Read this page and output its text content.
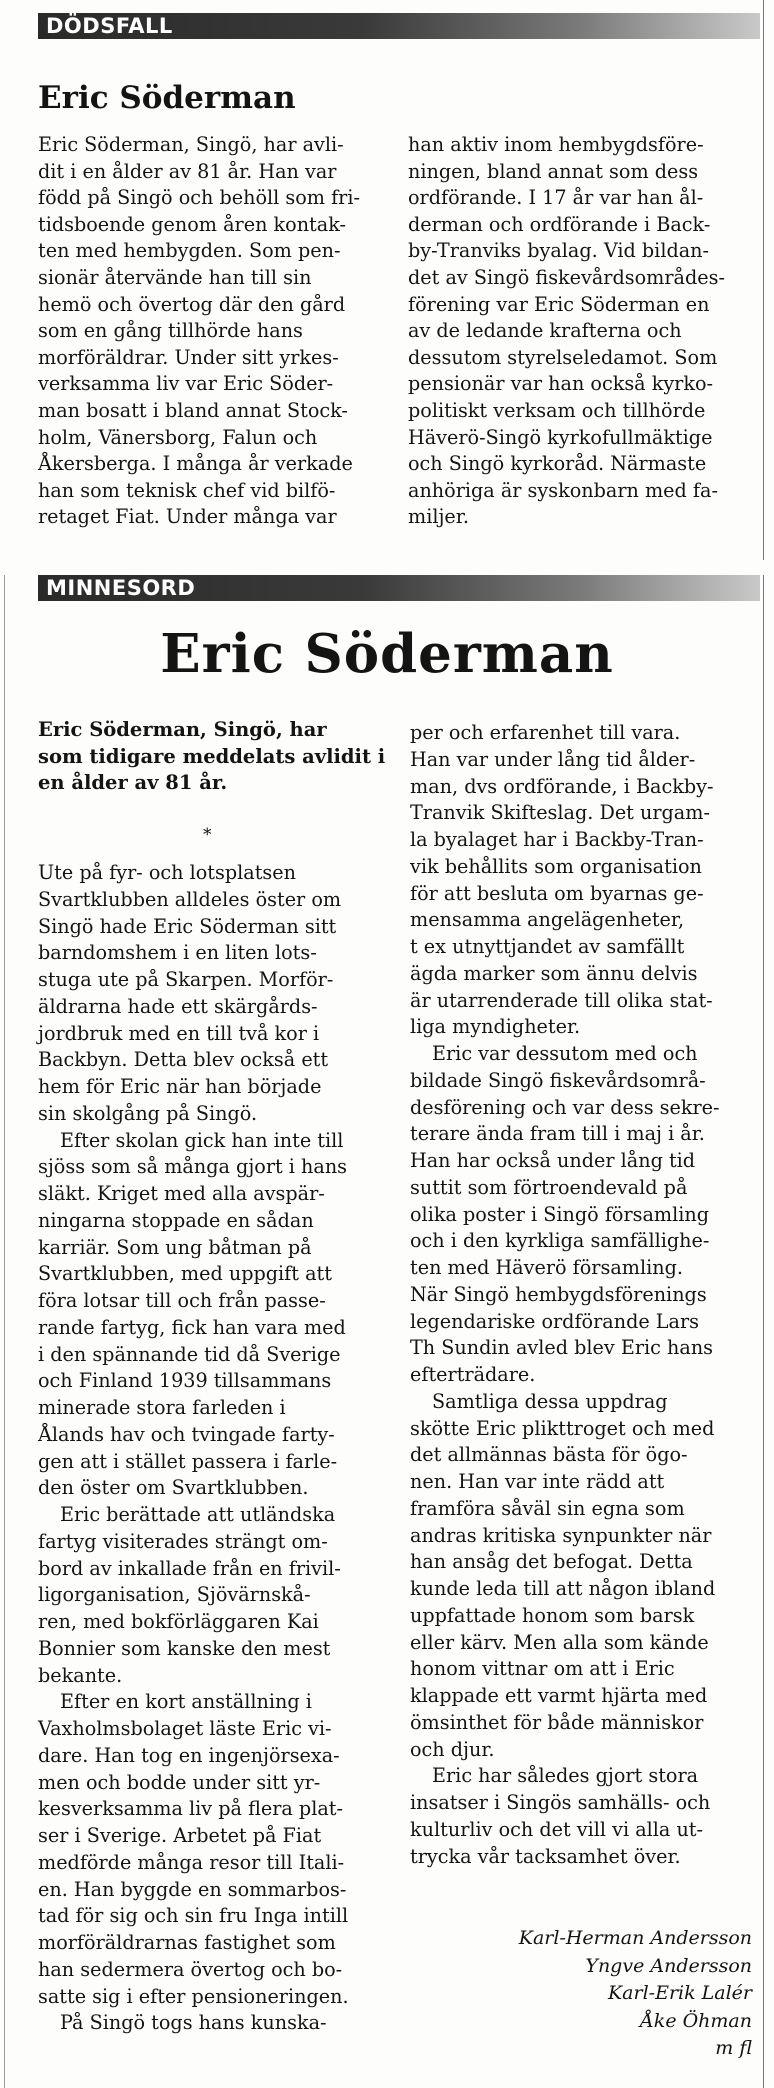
DÖDSFALL
Eric Söderman
Eric Söderman, Singö, har avli-
dit i en ålder av 81 år. Han var
född på Singö och behöll som fri-
tidsboende genom åren kontak-
ten med hembygden. Som pen-
sionär återvände han till sin
hemö och övertog där den gård
som en gång tillhörde hans
morföräldrar. Under sitt yrkes-
verksamma liv var Eric Söder-
man bosatt i bland annat Stock-
holm, Vänersborg, Falun och
Åkersberga. I många år verkade
han som teknisk chef vid bilfö-
retaget Fiat. Under många var
han aktiv inom hembygdsföre-
ningen, bland annat som dess
ordförande. I 17 år var han ål-
derman och ordförande i Back-
by-Tranviks byalag. Vid bildan-
det av Singö fiskevårdsområdes-
förening var Eric Söderman en
av de ledande krafterna och
dessutom styrelseledamot. Som
pensionär var han också kyrko-
politiskt verksam och tillhörde
Häverö-Singö kyrkofullmäktige
och Singö kyrkoråd. Närmaste
anhöriga är syskonbarn med fa-
miljer.
MINNESORD
Eric Söderman
Eric Söderman, Singö, har
som tidigare meddelats avlidit i
en ålder av 81 år.
*
Ute på fyr- och lotsplatsen
Svartklubben alldeles öster om
Singö hade Eric Söderman sitt
barndomshem i en liten lots-
stuga ute på Skarpen. Morför-
äldrarna hade ett skärgårds-
jordbruk med en till två kor i
Backbyn. Detta blev också ett
hem för Eric när han började
sin skolgång på Singö.
Efter skolan gick han inte till
sjöss som så många gjort i hans
släkt. Kriget med alla avspär-
ningarna stoppade en sådan
karriär. Som ung båtman på
Svartklubben, med uppgift att
föra lotsar till och från passe-
rande fartyg, fick han vara med
i den spännande tid då Sverige
och Finland 1939 tillsammans
minerade stora farleden i
Ålands hav och tvingade farty-
gen att i stället passera i farle-
den öster om Svartklubben.
Eric berättade att utländska
fartyg visiterades strängt om-
bord av inkallade från en frivil-
ligorganisation, Sjövärnskå-
ren, med bokförläggaren Kai
Bonnier som kanske den mest
bekante.
Efter en kort anställning i
Vaxholmsbolaget läste Eric vi-
dare. Han tog en ingenjörsexa-
men och bodde under sitt yr-
kesverksamma liv på flera plat-
ser i Sverige. Arbetet på Fiat
medförde många resor till Itali-
en. Han byggde en sommarbos-
tad för sig och sin fru Inga intill
morföräldrarnas fastighet som
han sedermera övertog och bo-
satte sig i efter pensioneringen.
På Singö togs hans kunska-
per och erfarenhet till vara.
Han var under lång tid ålder-
man, dvs ordförande, i Backby-
Tranvik Skifteslag. Det urgam-
la byalaget har i Backby-Tran-
vik behållits som organisation
för att besluta om byarnas ge-
mensamma angelägenheter,
t ex utnyttjandet av samfällt
ägda marker som ännu delvis
är utarrenderade till olika stat-
liga myndigheter.
Eric var dessutom med och
bildade Singö fiskevårdsområ-
desförening och var dess sekre-
terare ända fram till i maj i år.
Han har också under lång tid
suttit som förtroendevald på
olika poster i Singö församling
och i den kyrkliga samfällighe-
ten med Häverö församling.
När Singö hembygdsförenings
legendariske ordförande Lars
Th Sundin avled blev Eric hans
efterträdare.
Samtliga dessa uppdrag
skötte Eric plikttroget och med
det allmännas bästa för ögo-
nen. Han var inte rädd att
framföra såväl sin egna som
andras kritiska synpunkter när
han ansåg det befogat. Detta
kunde leda till att någon ibland
uppfattade honom som barsk
eller kärv. Men alla som kände
honom vittnar om att i Eric
klappade ett varmt hjärta med
ömsinthet för både människor
och djur.
Eric har således gjort stora
insatser i Singös samhälls- och
kulturliv och det vill vi alla ut-
trycka vår tacksamhet över.
Karl-Herman Andersson
Yngve Andersson
Karl-Erik Lalér
Åke Öhman
m fl
